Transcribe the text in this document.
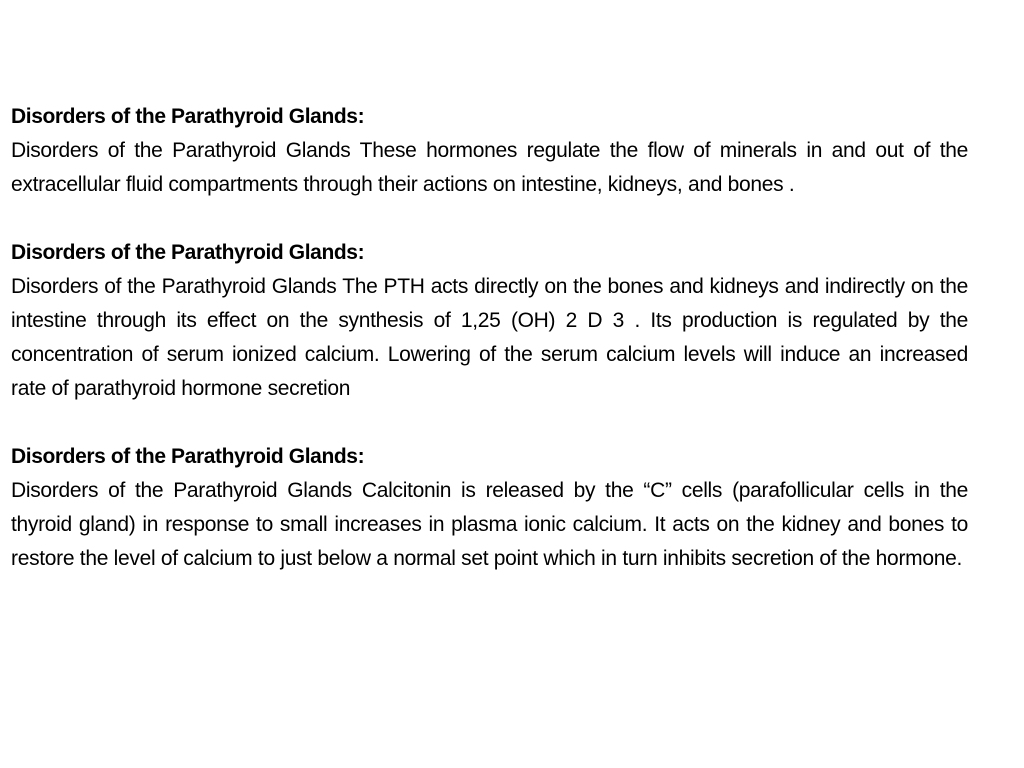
Disorders of the Parathyroid Glands:

Disorders of the Parathyroid Glands These hormones regulate the flow of minerals in and out of the extracellular fluid compartments through their actions on intestine, kidneys, and bones .

Disorders of the Parathyroid Glands:

Disorders of the Parathyroid Glands The PTH acts directly on the bones and kidneys and indirectly on the intestine through its effect on the synthesis of 1,25 (OH) 2 D 3 . Its production is regulated by the concentration of serum ionized calcium. Lowering of the serum calcium levels will induce an increased rate of parathyroid hormone secretion

Disorders of the Parathyroid Glands:

Disorders of the Parathyroid Glands Calcitonin is released by the “C” cells (parafollicular cells in the thyroid gland) in response to small increases in plasma ionic calcium. It acts on the kidney and bones to restore the level of calcium to just below a normal set point which in turn inhibits secretion of the hormone.
